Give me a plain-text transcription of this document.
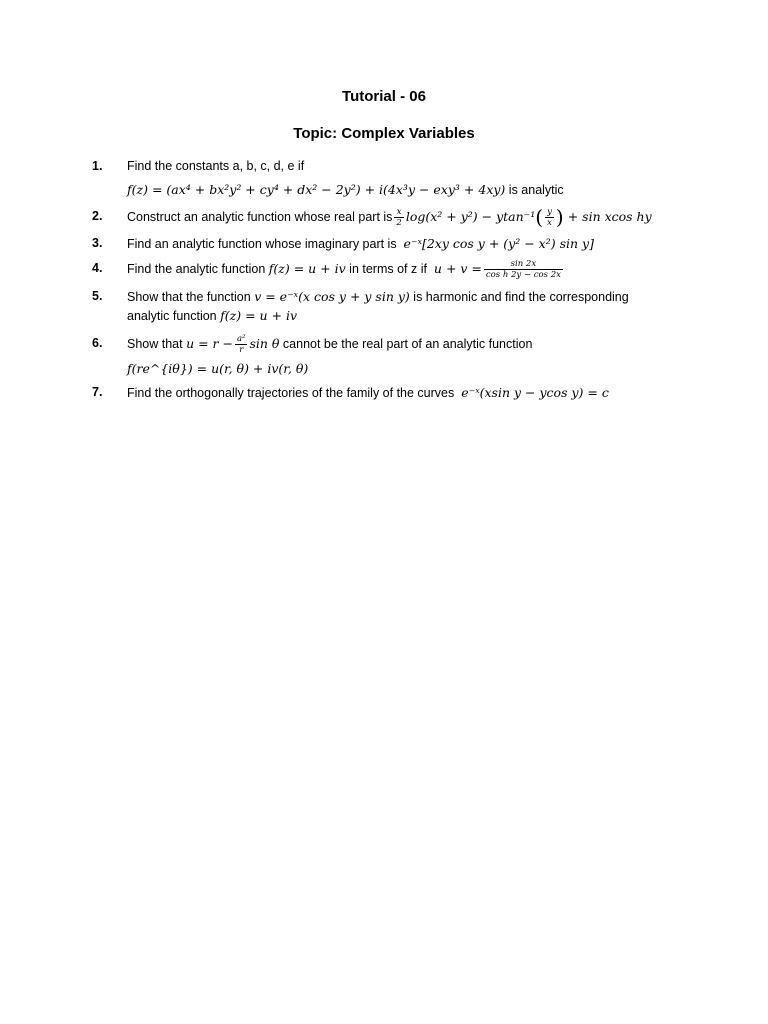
Tutorial - 06
Topic: Complex Variables
1. Find the constants a, b, c, d, e if
f(z) = (ax⁴ + bx²y² + cy⁴ + dx² − 2y²) + i(4x³y − exy³ + 4xy) is analytic
2. Construct an analytic function whose real part is $\frac{x}{2} \log(x^2 + y^2) - ytan^{-1}( \frac{y}{x}$ ) + sin xcos hy
3. Find an analytic function whose imaginary part is e⁻ˣ[2xy cos y + (y² − x²) sin y]
4. Find the analytic function f(z) = u + iv in terms of z if $u + v = \frac{\sin 2x}{\text{cos h 2y − cos 2x}}$
5. Show that the function v = e⁻ˣ(x cos y + y sin y) is harmonic and find the corresponding
analytic function f(z) = u + iv
6. Show that $u = r - \frac{\text{a²}}{r}$ sin θ cannot be the real part of an analytic function
f(re^{iθ}) = u(r, θ) + iv(r, θ)
7. Find the orthogonally trajectories of the family of the curves e⁻ˣ(xsin y − ycos y) = c
